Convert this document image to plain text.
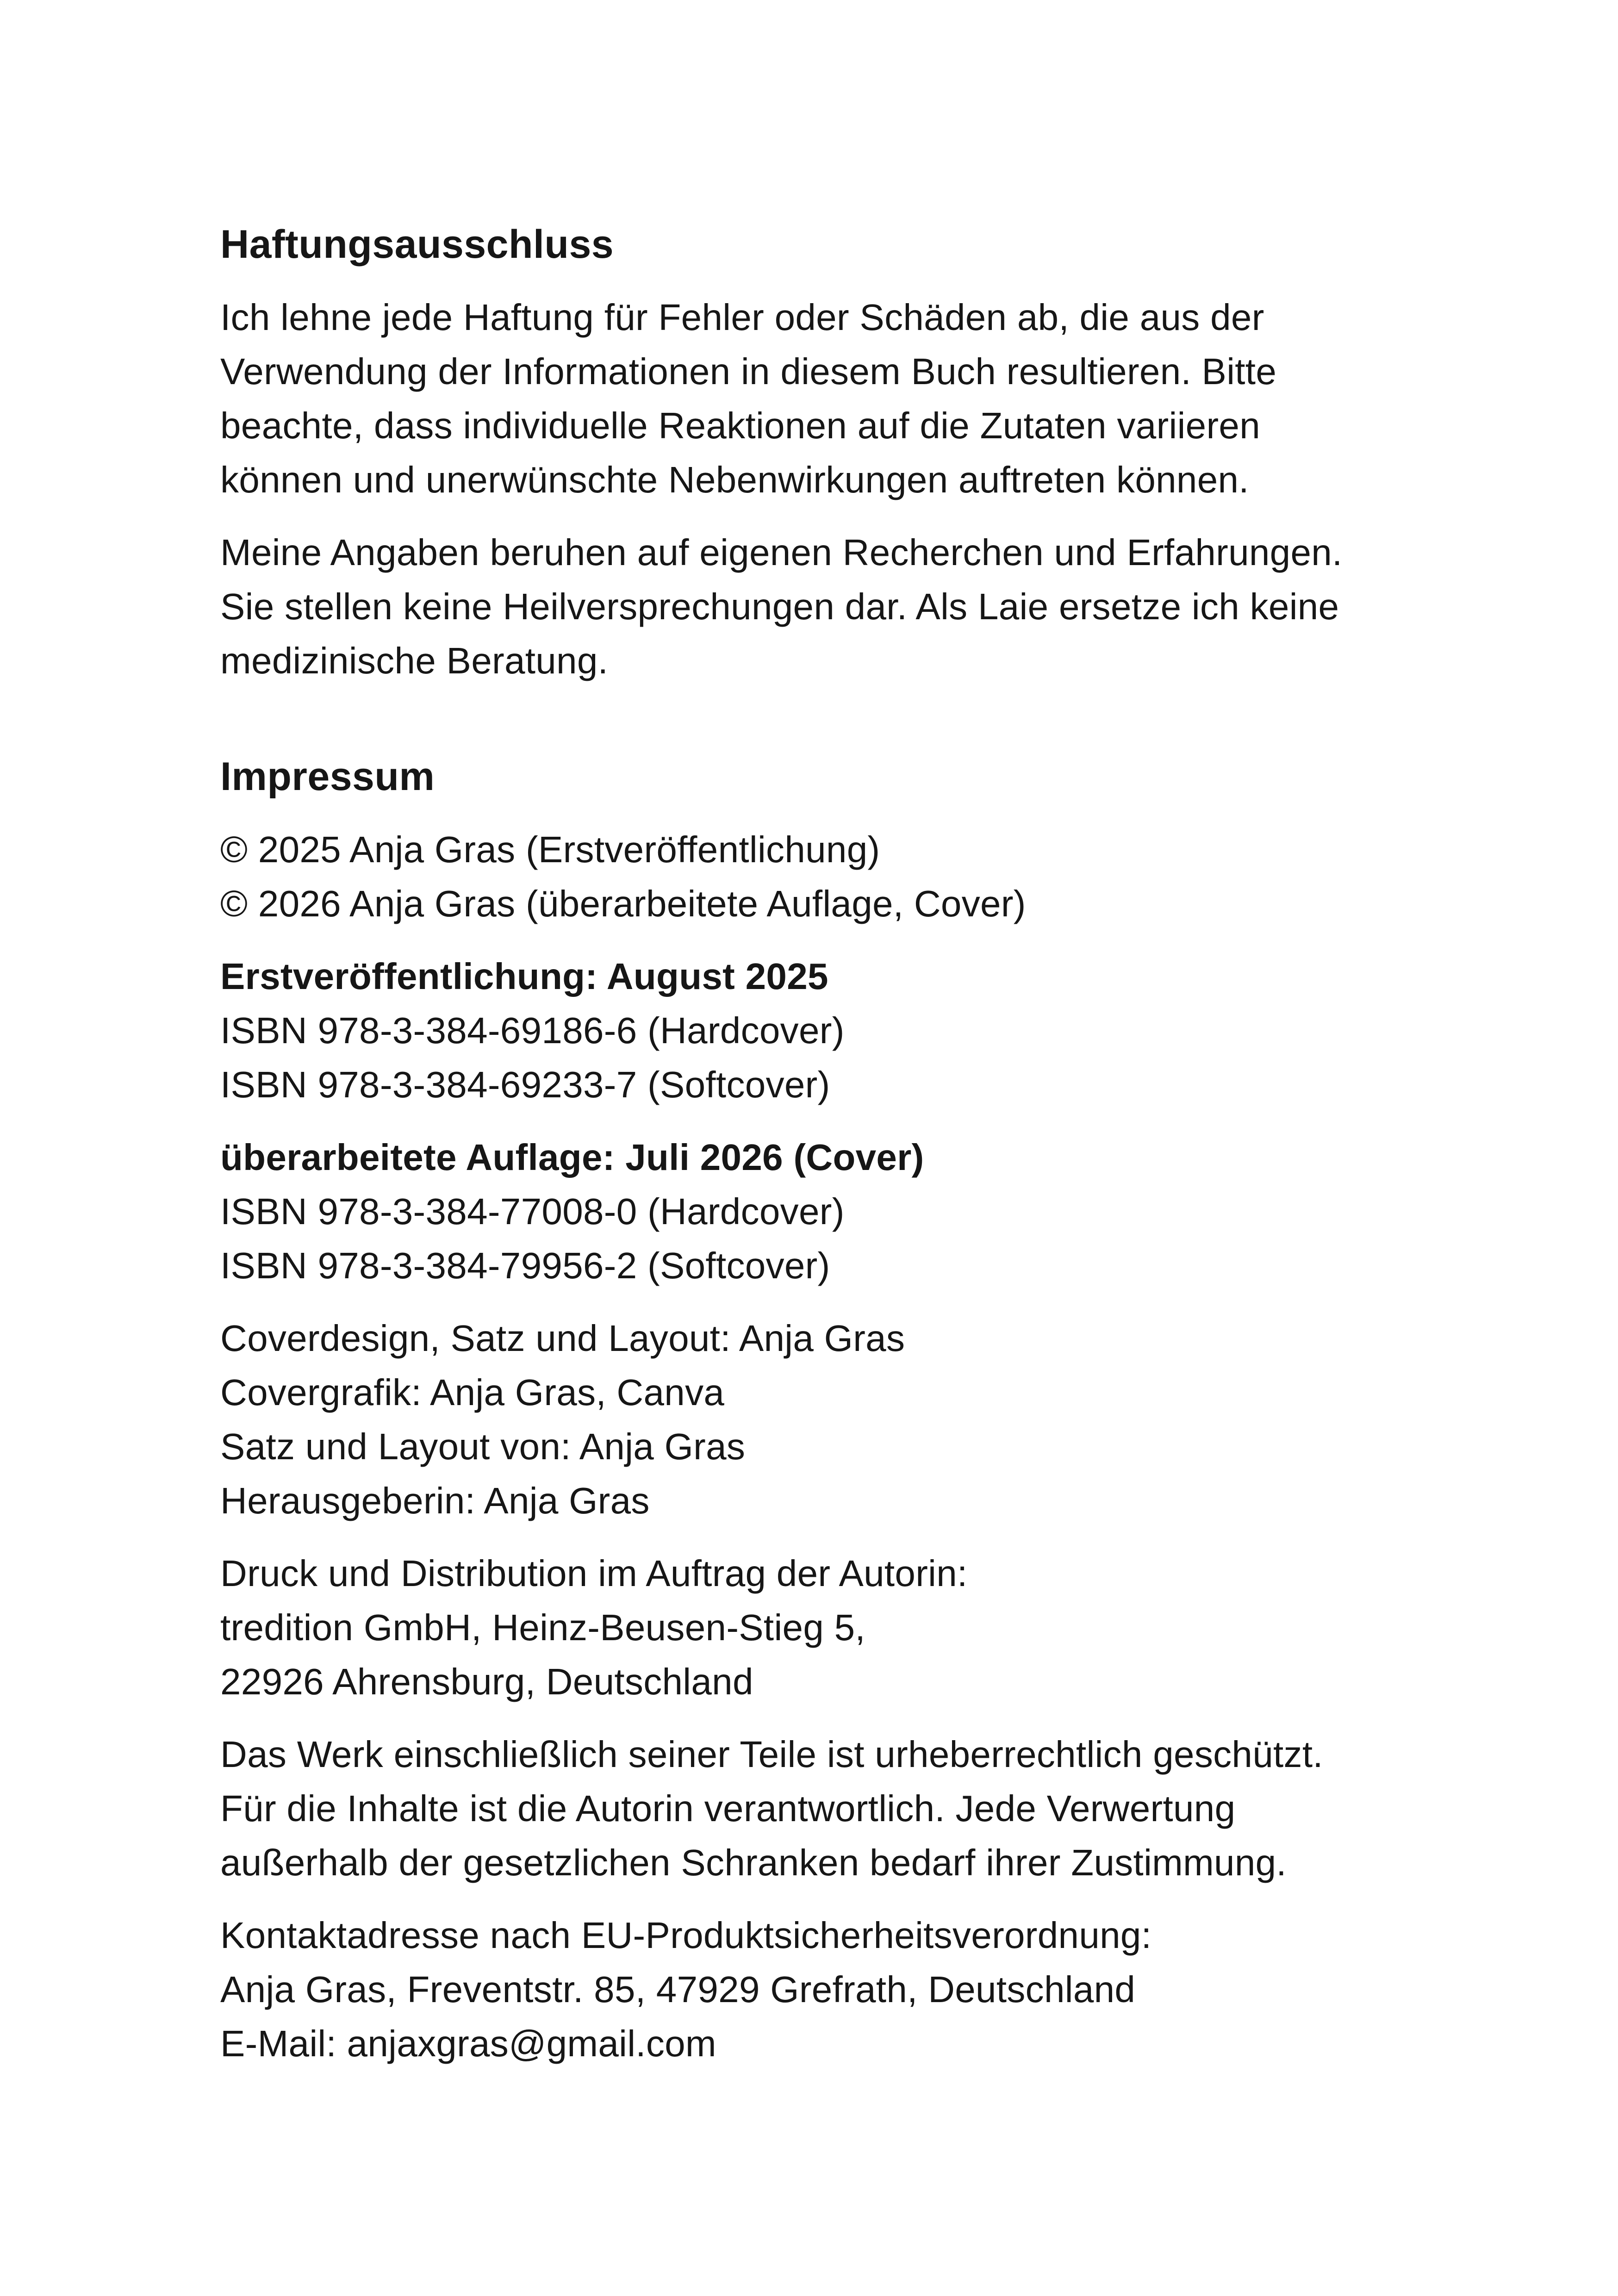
Haftungsausschluss

Ich lehne jede Haftung für Fehler oder Schäden ab, die aus der
Verwendung der Informationen in diesem Buch resultieren. Bitte
beachte, dass individuelle Reaktionen auf die Zutaten variieren
können und unerwünschte Nebenwirkungen auftreten können.

Meine Angaben beruhen auf eigenen Recherchen und Erfahrungen.
Sie stellen keine Heilversprechungen dar. Als Laie ersetze ich keine
medizinische Beratung.

Impressum

© 2025 Anja Gras (Erstveröffentlichung)
© 2026 Anja Gras (überarbeitete Auflage, Cover)

Erstveröffentlichung: August 2025
ISBN 978-3-384-69186-6 (Hardcover)
ISBN 978-3-384-69233-7 (Softcover)

überarbeitete Auflage: Juli 2026 (Cover)
ISBN 978-3-384-77008-0 (Hardcover)
ISBN 978-3-384-79956-2 (Softcover)

Coverdesign, Satz und Layout: Anja Gras
Covergrafik: Anja Gras, Canva
Satz und Layout von: Anja Gras
Herausgeberin: Anja Gras

Druck und Distribution im Auftrag der Autorin:
tredition GmbH, Heinz-Beusen-Stieg 5,
22926 Ahrensburg, Deutschland

Das Werk einschließlich seiner Teile ist urheberrechtlich geschützt.
Für die Inhalte ist die Autorin verantwortlich. Jede Verwertung
außerhalb der gesetzlichen Schranken bedarf ihrer Zustimmung.

Kontaktadresse nach EU-Produktsicherheitsverordnung:
Anja Gras, Freventstr. 85, 47929 Grefrath, Deutschland
E-Mail: anjaxgras@gmail.com
